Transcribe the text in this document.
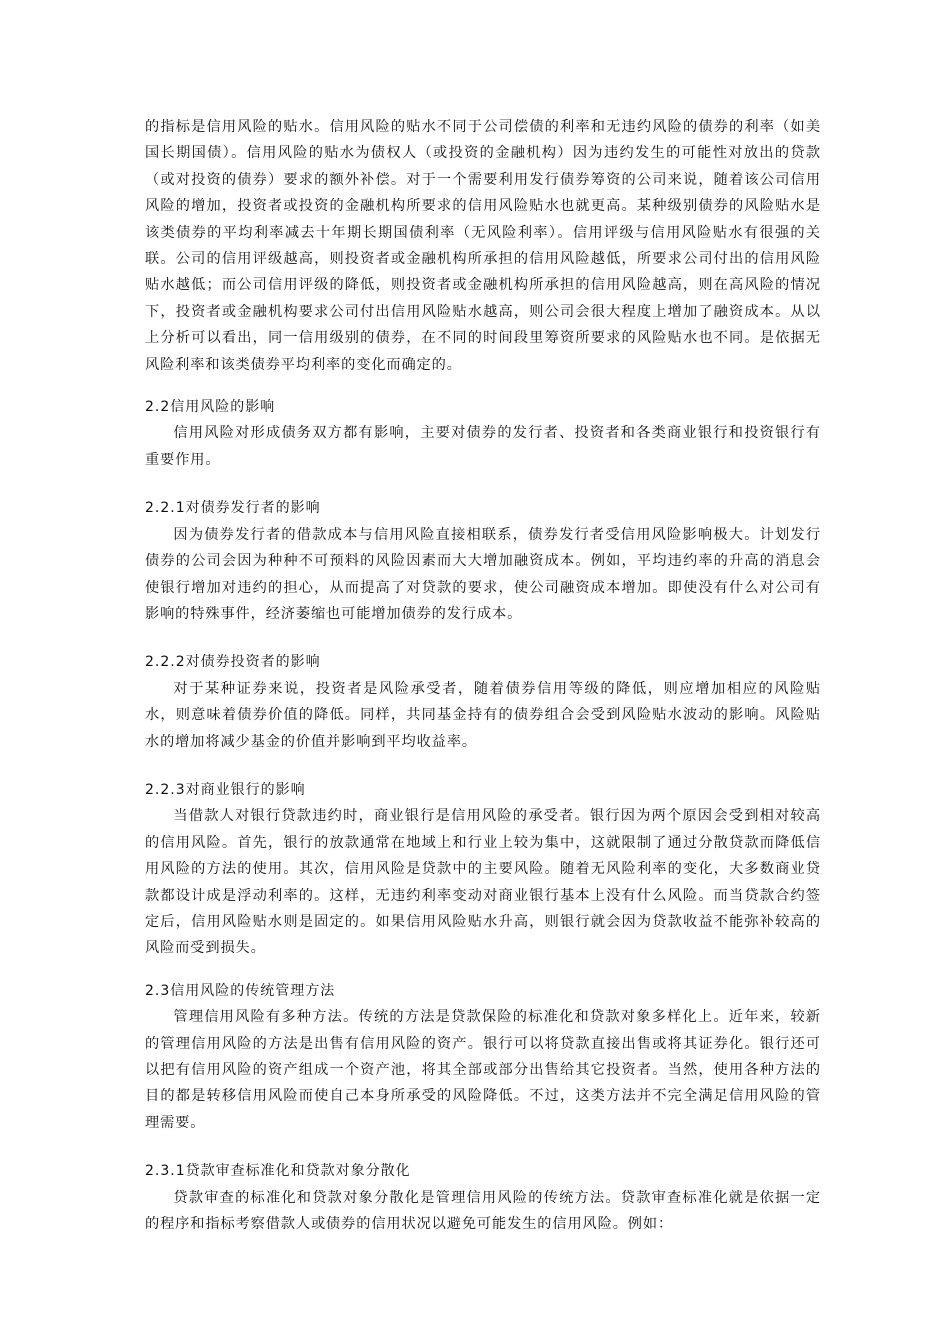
的指标是信用风险的贴水。信用风险的贴水不同于公司偿债的利率和无违约风险的债券的利率（如美国长期国债）。信用风险的贴水为债权人（或投资的金融机构）因为违约发生的可能性对放出的贷款（或对投资的债券）要求的额外补偿。对于一个需要利用发行债券筹资的公司来说，随着该公司信用风险的增加，投资者或投资的金融机构所要求的信用风险贴水也就更高。某种级别债券的风险贴水是该类债券的平均利率减去十年期长期国债利率（无风险利率）。信用评级与信用风险贴水有很强的关联。公司的信用评级越高，则投资者或金融机构所承担的信用风险越低，所要求公司付出的信用风险贴水越低；而公司信用评级的降低，则投资者或金融机构所承担的信用风险越高，则在高风险的情况下，投资者或金融机构要求公司付出信用风险贴水越高，则公司会很大程度上增加了融资成本。从以上分析可以看出，同一信用级别的债券，在不同的时间段里筹资所要求的风险贴水也不同。是依据无风险利率和该类债券平均利率的变化而确定的。

2.2信用风险的影响

信用风险对形成债务双方都有影响，主要对债券的发行者、投资者和各类商业银行和投资银行有重要作用。

2.2.1对债券发行者的影响

因为债券发行者的借款成本与信用风险直接相联系，债券发行者受信用风险影响极大。计划发行债券的公司会因为种种不可预料的风险因素而大大增加融资成本。例如，平均违约率的升高的消息会使银行增加对违约的担心，从而提高了对贷款的要求，使公司融资成本增加。即使没有什么对公司有影响的特殊事件，经济萎缩也可能增加债券的发行成本。

2.2.2对债券投资者的影响

对于某种证券来说，投资者是风险承受者，随着债券信用等级的降低，则应增加相应的风险贴水，则意味着债券价值的降低。同样，共同基金持有的债券组合会受到风险贴水波动的影响。风险贴水的增加将减少基金的价值并影响到平均收益率。

2.2.3对商业银行的影响

当借款人对银行贷款违约时，商业银行是信用风险的承受者。银行因为两个原因会受到相对较高的信用风险。首先，银行的放款通常在地域上和行业上较为集中，这就限制了通过分散贷款而降低信用风险的方法的使用。其次，信用风险是贷款中的主要风险。随着无风险利率的变化，大多数商业贷款都设计成是浮动利率的。这样，无违约利率变动对商业银行基本上没有什么风险。而当贷款合约签定后，信用风险贴水则是固定的。如果信用风险贴水升高，则银行就会因为贷款收益不能弥补较高的风险而受到损失。

2.3信用风险的传统管理方法

管理信用风险有多种方法。传统的方法是贷款保险的标准化和贷款对象多样化上。近年来，较新的管理信用风险的方法是出售有信用风险的资产。银行可以将贷款直接出售或将其证券化。银行还可以把有信用风险的资产组成一个资产池，将其全部或部分出售给其它投资者。当然，使用各种方法的目的都是转移信用风险而使自己本身所承受的风险降低。不过，这类方法并不完全满足信用风险的管理需要。

2.3.1贷款审查标准化和贷款对象分散化

贷款审查的标准化和贷款对象分散化是管理信用风险的传统方法。贷款审查标准化就是依据一定的程序和指标考察借款人或债券的信用状况以避免可能发生的信用风险。例如：
